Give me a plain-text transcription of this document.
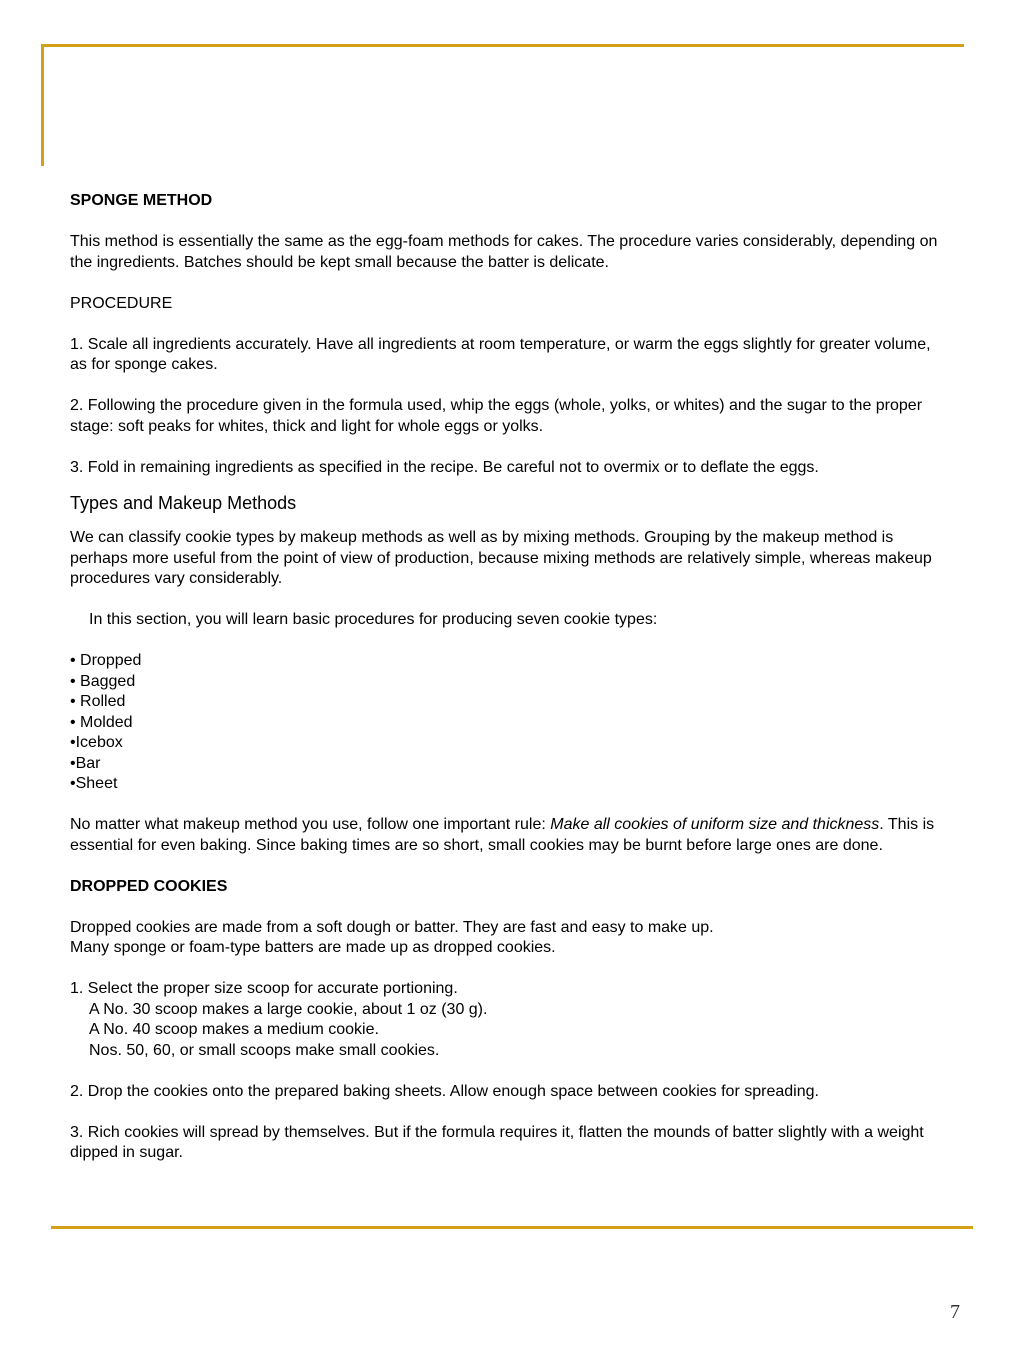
SPONGE METHOD

This method is essentially the same as the egg-foam methods for cakes. The procedure varies considerably, depending on the ingredients. Batches should be kept small because the batter is delicate.

PROCEDURE

1. Scale all ingredients accurately. Have all ingredients at room temperature, or warm the eggs slightly for greater volume, as for sponge cakes.

2. Following the procedure given in the formula used, whip the eggs (whole, yolks, or whites) and the sugar to the proper stage: soft peaks for whites, thick and light for whole eggs or yolks.

3. Fold in remaining ingredients as specified in the recipe. Be careful not to overmix or to deflate the eggs.

Types and Makeup Methods

We can classify cookie types by makeup methods as well as by mixing methods. Grouping by the makeup method is perhaps more useful from the point of view of production, because mixing methods are relatively simple, whereas makeup procedures vary considerably.

In this section, you will learn basic procedures for producing seven cookie types:

• Dropped

• Bagged

• Rolled

• Molded

•Icebox

•Bar

•Sheet

No matter what makeup method you use, follow one important rule: Make all cookies of uniform size and thickness. This is essential for even baking. Since baking times are so short, small cookies may be burnt before large ones are done.

DROPPED COOKIES

Dropped cookies are made from a soft dough or batter. They are fast and easy to make up.

Many sponge or foam-type batters are made up as dropped cookies.

1. Select the proper size scoop for accurate portioning.

A No. 30 scoop makes a large cookie, about 1 oz (30 g).

A No. 40 scoop makes a medium cookie.

Nos. 50, 60, or small scoops make small cookies.

2. Drop the cookies onto the prepared baking sheets. Allow enough space between cookies for spreading.

3. Rich cookies will spread by themselves. But if the formula requires it, flatten the mounds of batter slightly with a weight dipped in sugar.

7
